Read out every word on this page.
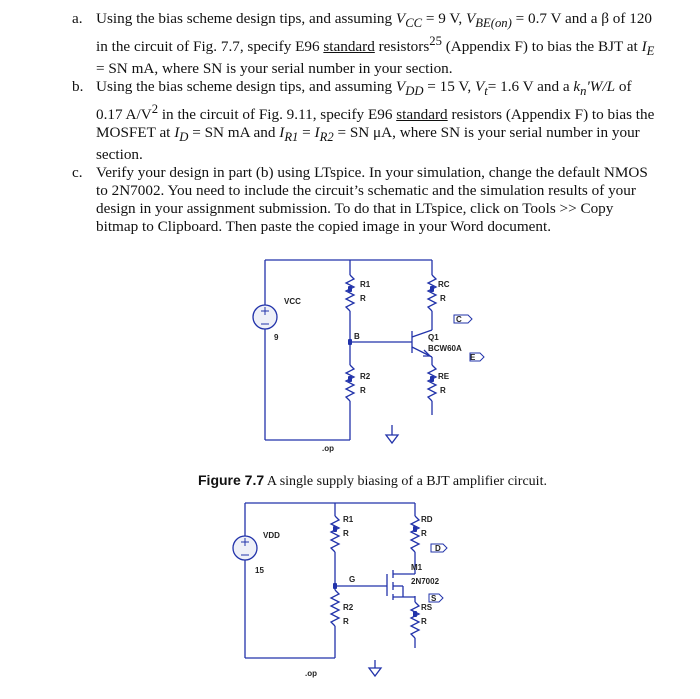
a. Using the bias scheme design tips, and assuming $V_{CC} = 9$ V, $V_{BE(on)} = 0.7$ V and a β of 120 in the circuit of Fig. 7.7, specify E96 standard resistors$^{25}$ (Appendix F) to bias the BJT at $I_E$ = SN mA, where SN is your serial number in your section.

b. Using the bias scheme design tips, and assuming $V_{DD} = 15$ V, $V_t= 1.6$ V and a $k_n'W/L$ of 0.17 $A/V^2$ in the circuit of Fig. 9.11, specify E96 standard resistors (Appendix F) to bias the MOSFET at $I_D$ = SN mA and $I_{R1} = I_{R2}$ = SN μA, where SN is your serial number in your section.

c. Verify your design in part (b) using LTspice. In your simulation, change the default NMOS to 2N7002. You need to include the circuit’s schematic and the simulation results of your design in your assignment submission. To do that in LTspice, click on Tools >> Copy bitmap to Clipboard. Then paste the copied image in your Word document.

VCC
9
R1
R
RC
R
B
C
E
Q1
BCW60A
R2
R
RE
R
.op
Figure 7.7 A single supply biasing of a BJT amplifier circuit.
VDD
15
R1
R
RD
R
D
G
M1
2N7002
S
R2
R
RS
R
.op
